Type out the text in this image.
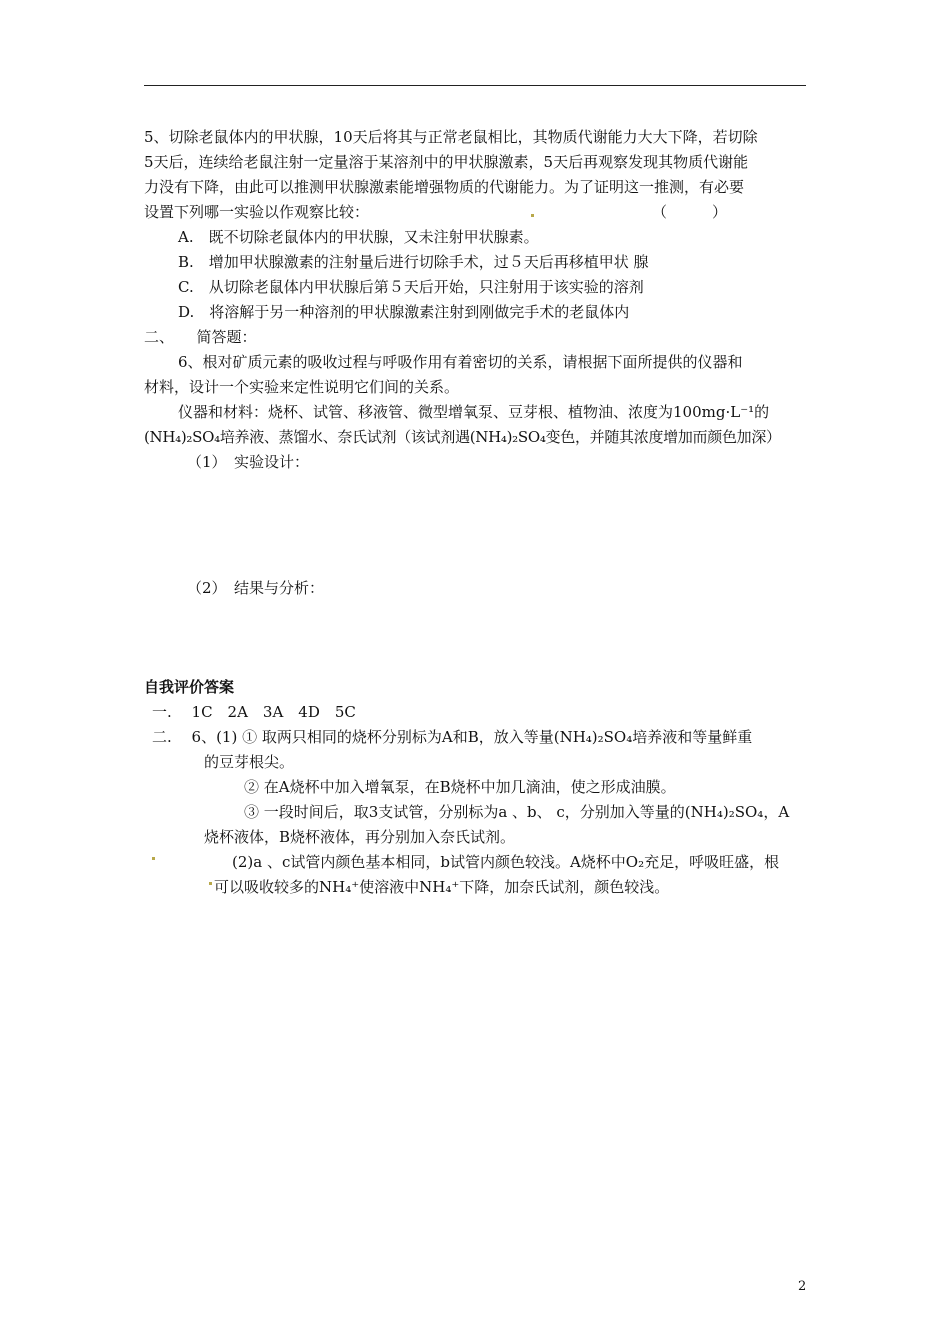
5、切除老鼠体内的甲状腺，10天后将其与正常老鼠相比，其物质代谢能力大大下降，若切除
5天后，连续给老鼠注射一定量溶于某溶剂中的甲状腺激素，5天后再观察发现其物质代谢能
力没有下降，由此可以推测甲状腺激素能增强物质的代谢能力。为了证明这一推测，有必要
设置下列哪一实验以作观察比较：	（　　　）
A.　既不切除老鼠体内的甲状腺，又未注射甲状腺素。
B.　增加甲状腺激素的注射量后进行切除手术，过５天后再移植甲状 腺
C.　从切除老鼠体内甲状腺后第５天后开始，只注射用于该实验的溶剂
D.　将溶解于另一种溶剂的甲状腺激素注射到刚做完手术的老鼠体内
二、　　简答题：
6、根对矿质元素的吸收过程与呼吸作用有着密切的关系，请根据下面所提供的仪器和
材料，设计一个实验来定性说明它们间的关系。
仪器和材料：烧杯、试管、移液管、微型增氧泵、豆芽根、植物油、浓度为100mg·L⁻¹的
(NH₄)₂SO₄培养液、蒸馏水、奈氏试剂（该试剂遇(NH₄)₂SO₄变色，并随其浓度增加而颜色加深）
（1）　实验设计：
（2）　结果与分析：
自我评价答案
一.　 1C　2A　3A　4D　5C
二.　 6、(1) ① 取两只相同的烧杯分别标为A和B，放入等量(NH₄)₂SO₄培养液和等量鲜重
的豆芽根尖。
② 在A烧杯中加入增氧泵，在B烧杯中加几滴油，使之形成油膜。
③ 一段时间后，取3支试管，分别标为a 、b、 c，分别加入等量的(NH₄)₂SO₄，A
烧杯液体，B烧杯液体，再分别加入奈氏试剂。
(2)a 、c试管内颜色基本相同，b试管内颜色较浅。A烧杯中O₂充足，呼吸旺盛，根
可以吸收较多的NH₄⁺使溶液中NH₄⁺下降，加奈氏试剂，颜色较浅。
2
